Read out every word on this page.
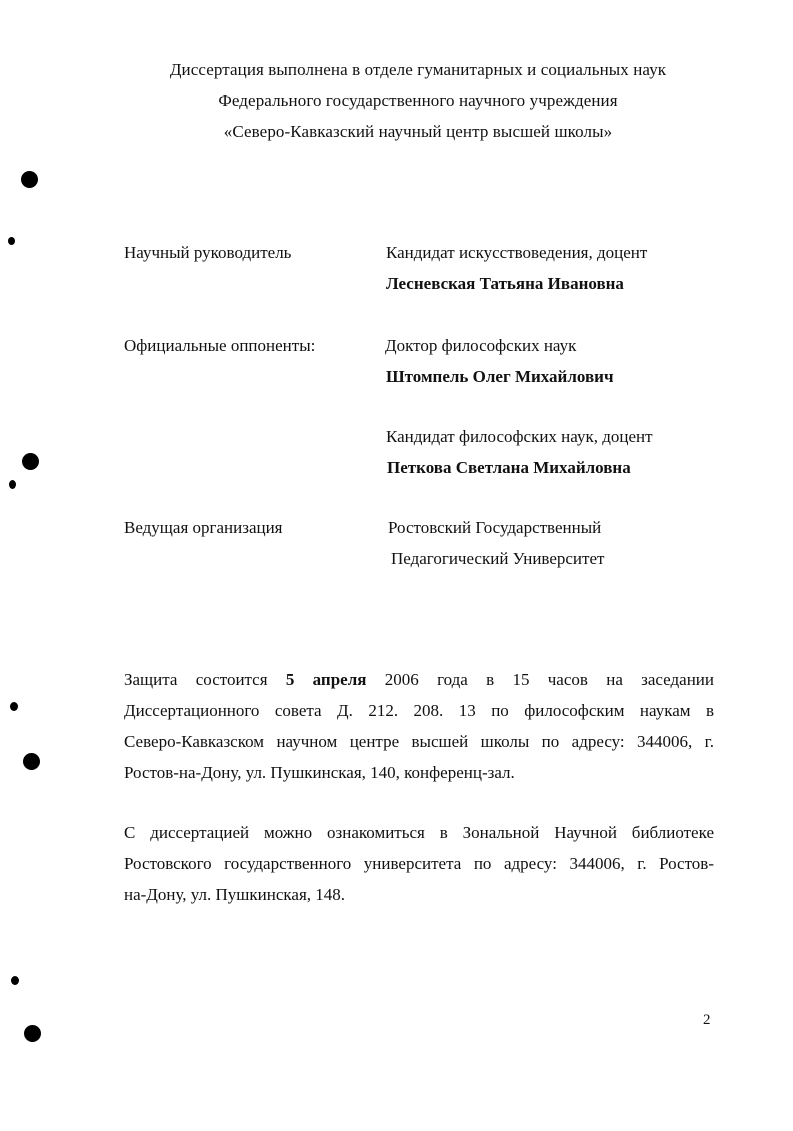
Диссертация выполнена в отделе гуманитарных и социальных наук
Федерального государственного научного учреждения
«Северо-Кавказский научный центр высшей школы»
Научный руководитель	Кандидат искусствоведения, доцент
Лесневская Татьяна Ивановна
Официальные оппоненты:	Доктор философских наук
Штомпель Олег Михайлович
Кандидат философских наук, доцент
Петкова Светлана Михайловна
Ведущая организация	Ростовский Государственный
Педагогический Университет
Защита состоится 5 апреля 2006 года в 15 часов на заседании
Диссертационного совета Д. 212. 208. 13 по философским наукам в
Северо-Кавказском научном центре высшей школы по адресу: 344006, г.
Ростов-на-Дону, ул. Пушкинская, 140, конференц-зал.
С диссертацией можно ознакомиться в Зональной Научной библиотеке
Ростовского государственного университета по адресу: 344006, г. Ростов-
на-Дону, ул. Пушкинская, 148.
2
